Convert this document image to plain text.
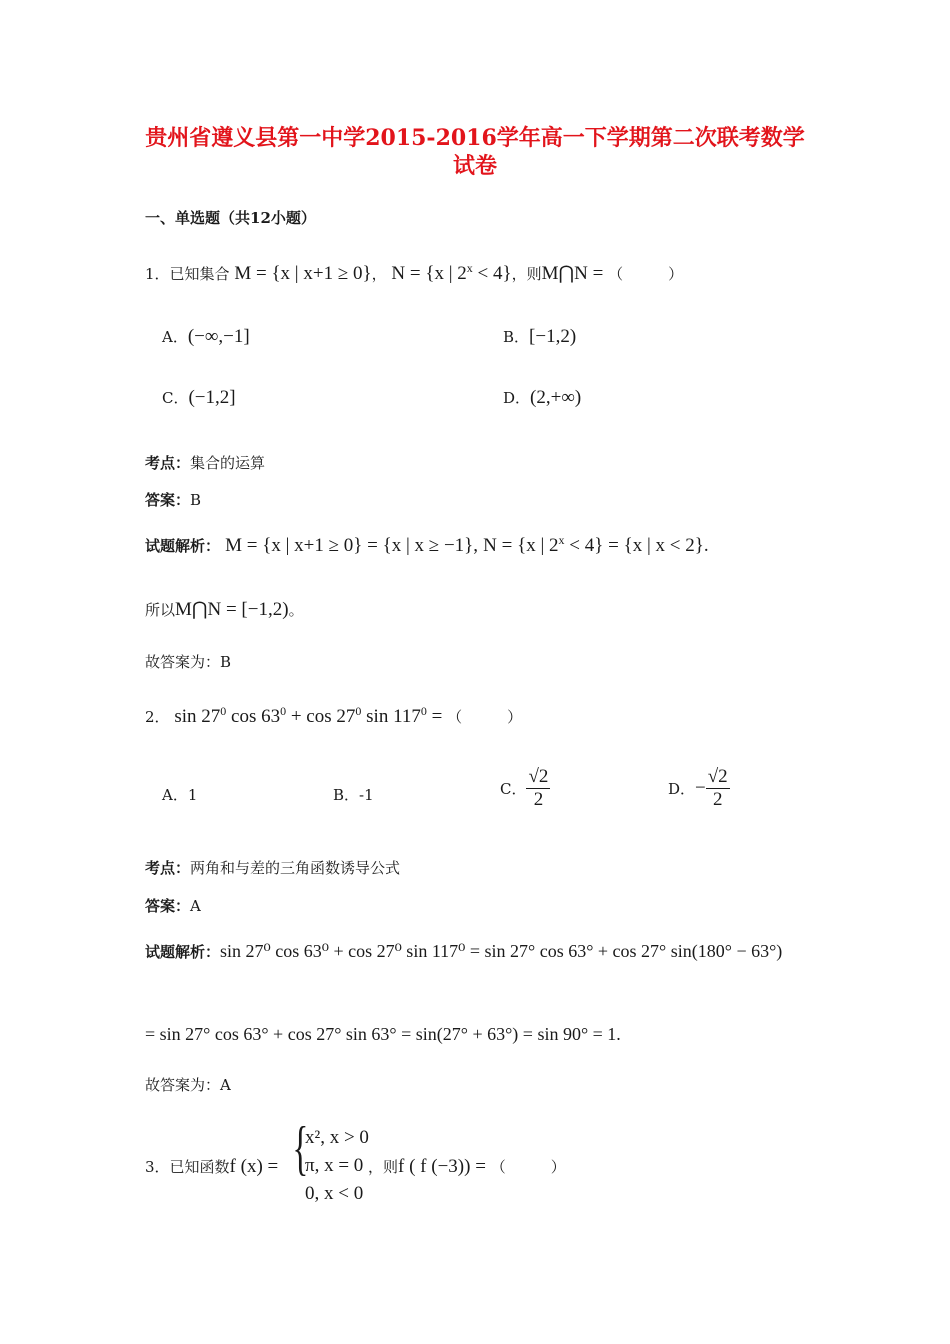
贵州省遵义县第一中学2015-2016学年高一下学期第二次联考数学
试卷
一、单选题（共12小题）
1．已知集合 M = {x | x+1 ≥ 0}， N = {x | $2^x < 4$}，则M⋂N = （　　　）
A．(−∞,−1]	B．[−1,2)
C．(−1,2]	D．(2,+∞)
考点：集合的运算
答案：B
试题解析： M = {x | x+1 ≥ 0} = {x | x ≥ −1}, N = {x | $2^x < 4\} = \{x$ | x < 2}.
所以M⋂N = [−1,2)。
故答案为：B
2． $\sin 27^0$ $\cos 63^0 + \cos 27^0$ $\sin 117^0$ = （　　　）
A．1	B．-1	C． $\frac{√2}{2}$	D．− $\frac{√2}{2}$
考点：两角和与差的三角函数诱导公式
答案：A
试题解析：sin 27⁰ cos 63⁰ + cos 27⁰ sin 117⁰ = sin 27° cos 63° + cos 27° sin(180° − 63°)
= sin 27° cos 63° + cos 27° sin 63° = sin(27° + 63°) = sin 90° = 1.
故答案为：A
3．已知函数f (x) = {
x², x > 0
π, x = 0
0, x < 0
，则f ( f (−3)) = （　　　）
